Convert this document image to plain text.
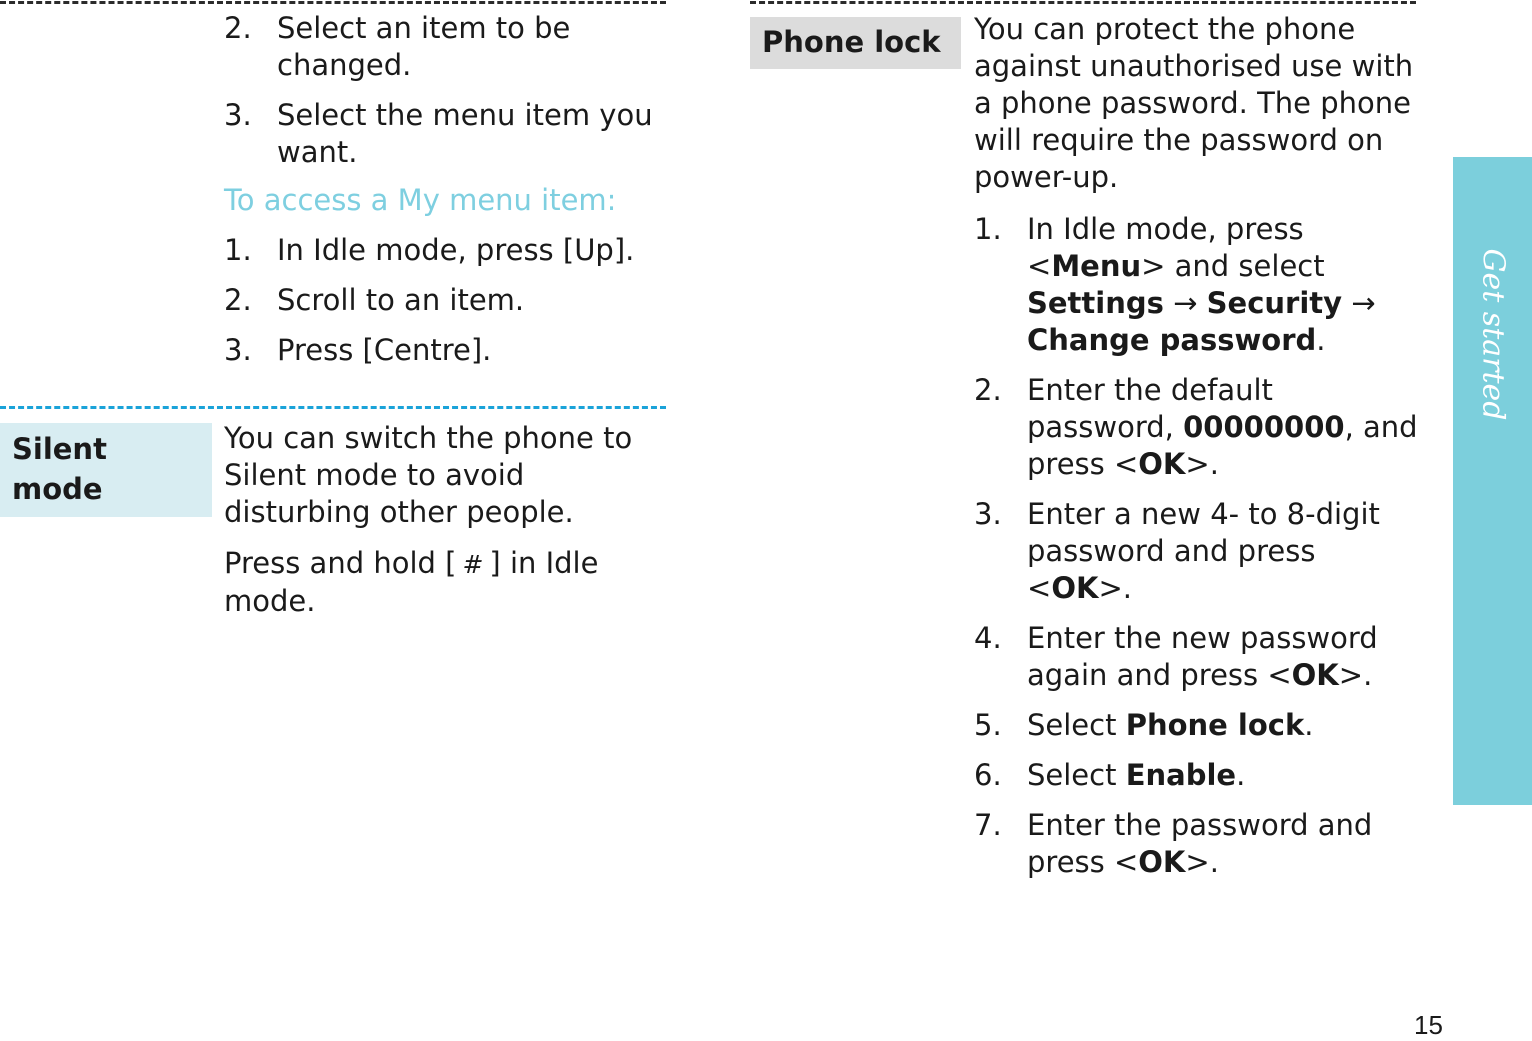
2. Select an item to be changed.
3. Select the menu item you want.
To access a My menu item:
1. In Idle mode, press [Up].
2. Scroll to an item.
3. Press [Centre].
Silent mode
You can switch the phone to Silent mode to avoid disturbing other people.
Press and hold [ # ] in Idle mode.
Phone lock	You can protect the phone against unauthorised use with a phone password. The phone will require the password on power-up.
1. In Idle mode, press <Menu> and select Settings → Security → Change password.
2. Enter the default password, 00000000, and press <OK>.
3. Enter a new 4- to 8-digit password and press <OK>.
4. Enter the new password again and press <OK>.
5. Select Phone lock.
6. Select Enable.
7. Enter the password and press <OK>.
Get started
15
